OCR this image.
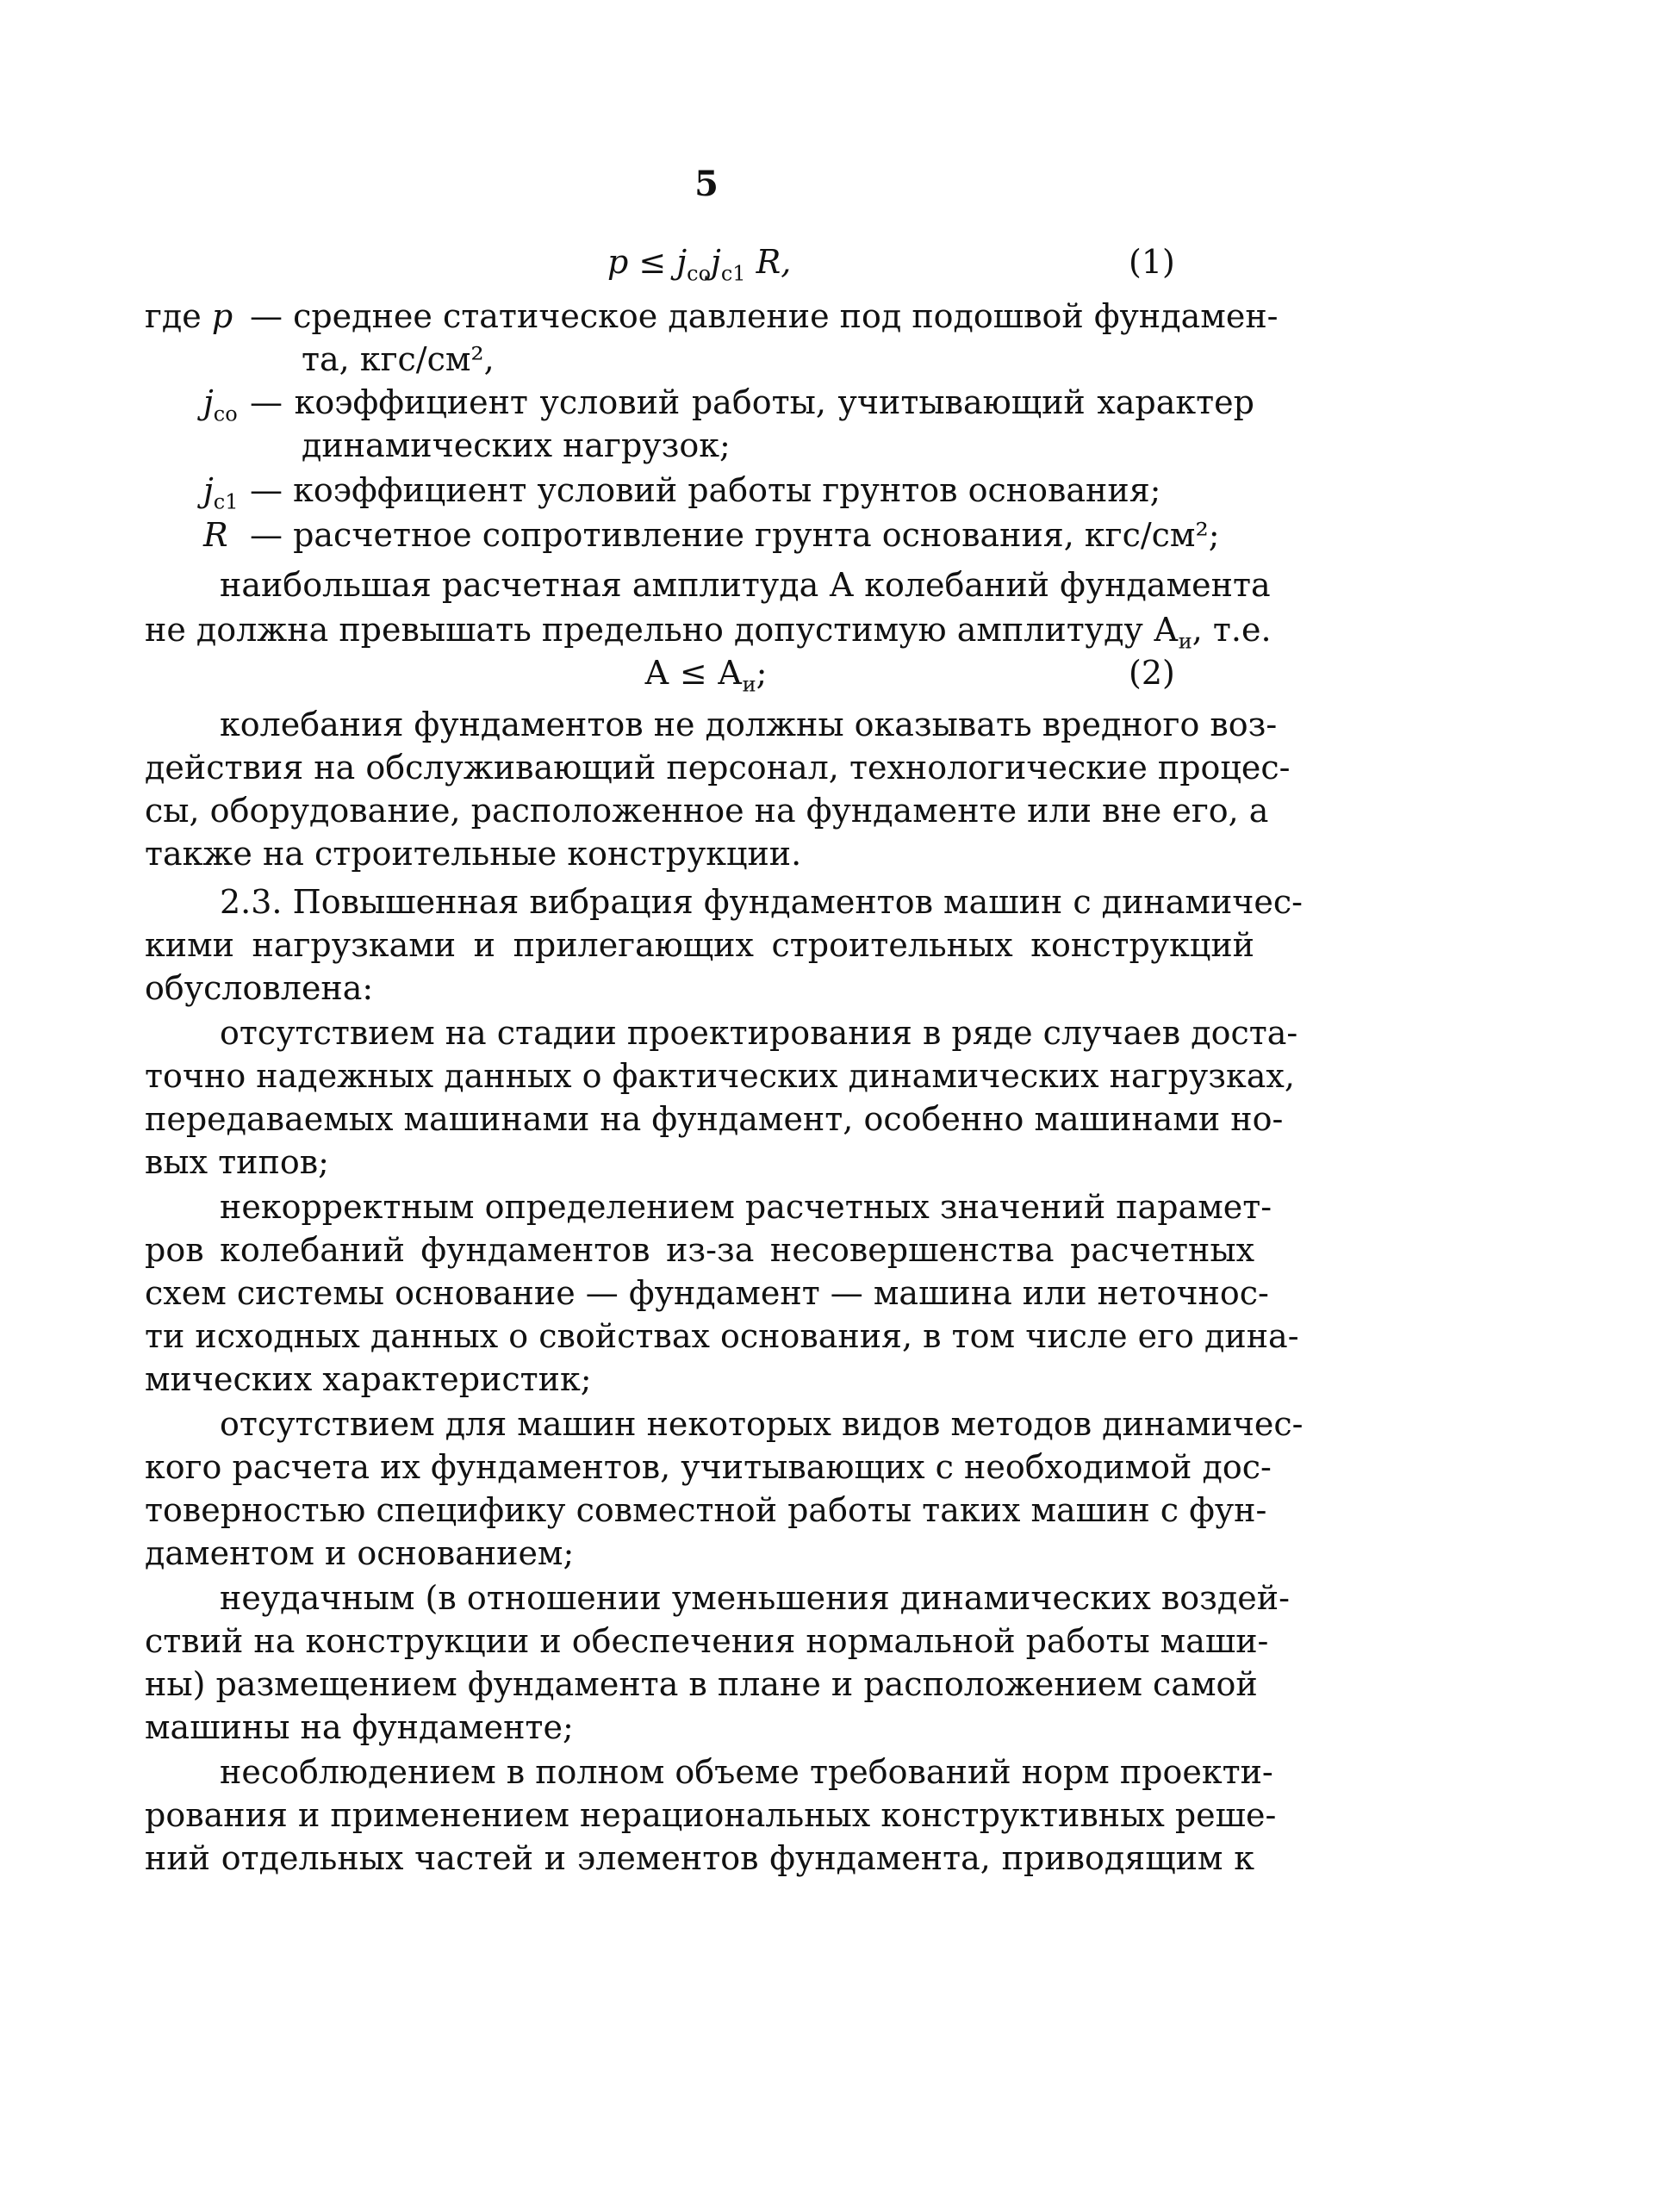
5
$p \le j_{co}j_{c1}$ R,	(1)
где p — среднее статическое давление под подошвой фундамен-
та, кгс/см²,
$j_{co}$ — коэффициент условий работы, учитывающий характер
динамических нагрузок;
$j_{c1}$ — коэффициент условий работы грунтов основания;
R — расчетное сопротивление грунта основания, кгс/см²;
наибольшая расчетная амплитуда А колебаний фундамента
не должна превышать предельно допустимую амплитуду $А_и$, т.е.
$А \le А_и$;	(2)
колебания фундаментов не должны оказывать вредного воз-
действия на обслуживающий персонал, технологические процес-
сы, оборудование, расположенное на фундаменте или вне его, а
также на строительные конструкции.
2.3. Повышенная вибрация фундаментов машин с динамичес-
кими нагрузками и прилегающих строительных конструкций
обусловлена:
отсутствием на стадии проектирования в ряде случаев доста-
точно надежных данных о фактических динамических нагрузках,
передаваемых машинами на фундамент, особенно машинами но-
вых типов;
некорректным определением расчетных значений парамет-
ров колебаний фундаментов из-за несовершенства расчетных
схем системы основание — фундамент — машина или неточнос-
ти исходных данных о свойствах основания, в том числе его дина-
мических характеристик;
отсутствием для машин некоторых видов методов динамичес-
кого расчета их фундаментов, учитывающих с необходимой дос-
товерностью специфику совместной работы таких машин с фун-
даментом и основанием;
неудачным (в отношении уменьшения динамических воздей-
ствий на конструкции и обеспечения нормальной работы маши-
ны) размещением фундамента в плане и расположением самой
машины на фундаменте;
несоблюдением в полном объеме требований норм проекти-
рования и применением нерациональных конструктивных реше-
ний отдельных частей и элементов фундамента, приводящим к
